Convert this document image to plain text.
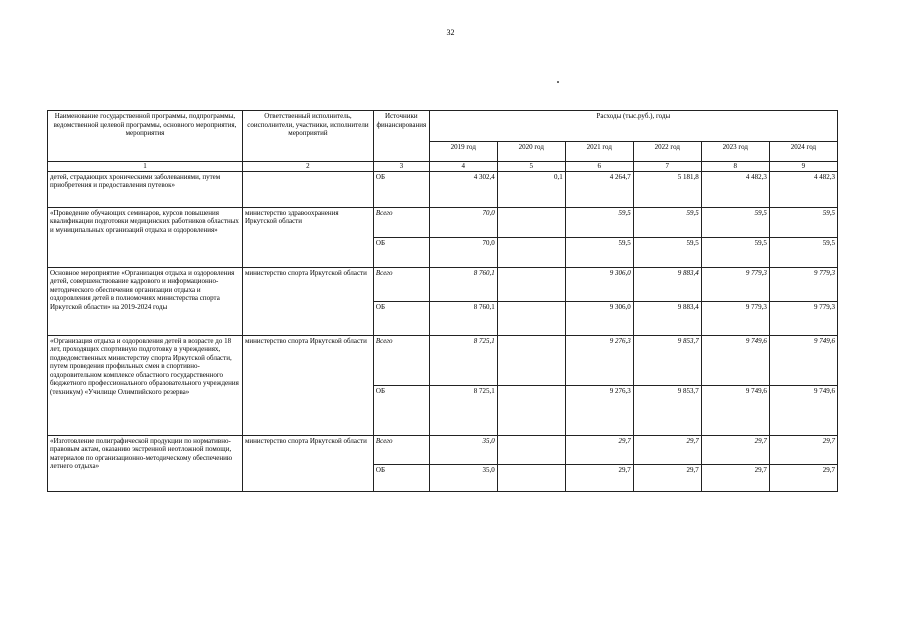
32
Наименование государственной программы, подпрограммы, ведомственной целевой программы, основного мероприятия, мероприятия	Ответственный исполнитель, соисполнители, участники, исполнители мероприятий	Источники финансирования	Расходы (тыс.руб.), годы					
			2019 год	2020 год	2021 год	2022 год	2023 год	2024 год
1	2	3	4	5	6	7	8	9
детей, страдающих хроническими заболеваниями, путем приобретения и предоставления путевок»		ОБ	4 302,4	0,1	4 264,7	5 181,8	4 482,3	4 482,3
«Проведение обучающих семинаров, курсов повышения квалификации подготовки медицинских работников областных и муниципальных организаций отдыха и оздоровления»	министерство здравоохранения Иркутской области	Всего	70,0		59,5	59,5	59,5	59,5
		ОБ	70,0		59,5	59,5	59,5	59,5
Основное мероприятие «Организация отдыха и оздоровления детей, совершенствование кадрового и информационно-методического обеспечения организации отдыха и оздоровления детей в полномочиях министерства спорта Иркутской области» на 2019-2024 годы	министерство спорта Иркутской области	Всего	8 760,1		9 306,0	9 883,4	9 779,3	9 779,3
		ОБ	8 760,1		9 306,0	9 883,4	9 779,3	9 779,3
«Организация отдыха и оздоровления детей в возрасте до 18 лет, проходящих спортивную подготовку в учреждениях, подведомственных министерству спорта Иркутской области, путем проведения профильных смен в спортивно-оздоровительном комплексе областного государственного бюджетного профессионального образовательного учреждения (техникум) «Училище Олимпийского резерва»	министерство спорта Иркутской области	Всего	8 725,1		9 276,3	9 853,7	9 749,6	9 749,6
		ОБ	8 725,1		9 276,3	9 853,7	9 749,6	9 749,6
«Изготовление полиграфической продукции по нормативно-правовым актам, оказанию экстренной неотложной помощи, материалов по организационно-методическому обеспечению летнего отдыха»	министерство спорта Иркутской области	Всего	35,0		29,7	29,7	29,7	29,7
		ОБ	35,0		29,7	29,7	29,7	29,7
